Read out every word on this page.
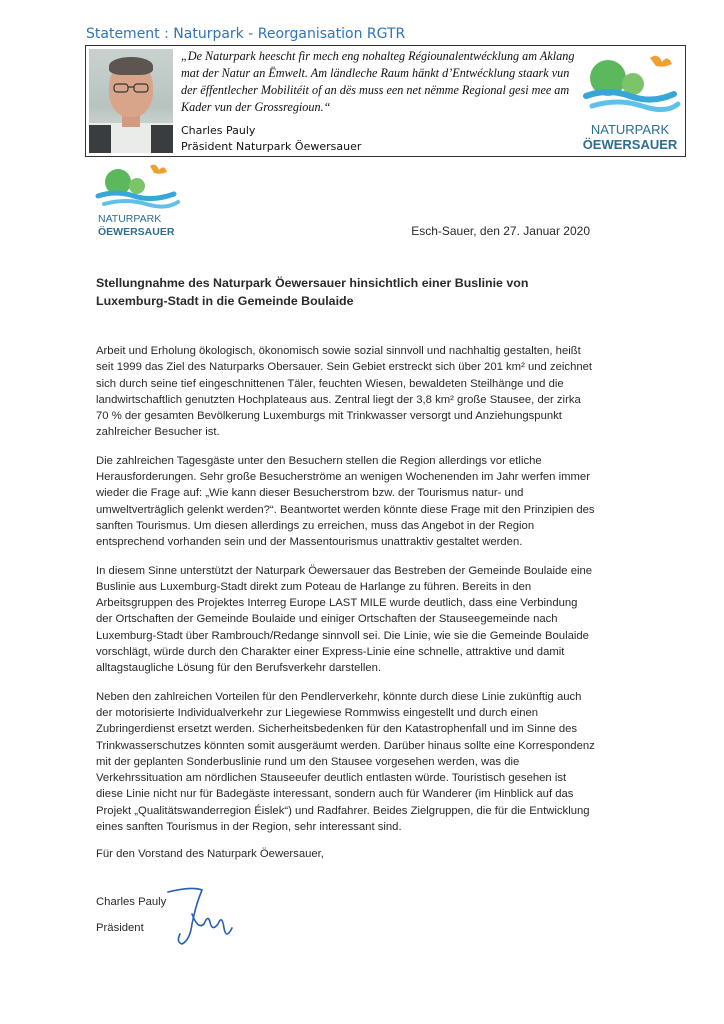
Statement : Naturpark - Reorganisation RGTR

„De Naturpark heescht fìr mech eng nohalteg Régiounalentwécklung am Aklang mat der Natur an Ëmwelt. Am ländleche Raum hänkt d’Entwécklung staark vun der ëffentlecher Mobilitéit of an dës muss een net nëmme Regional gesi mee am Kader vun der Grossregioun.“

Charles Pauly
Präsident Naturpark Öewersauer
NATURPARK
ÖEWERSAUER
NATURPARK
ÖEWERSAUER	Esch-Sauer, den 27. Januar 2020
Stellungnahme des Naturpark Öewersauer hinsichtlich einer Buslinie von Luxemburg-Stadt in die Gemeinde Boulaide

Arbeit und Erholung ökologisch, ökonomisch sowie sozial sinnvoll und nachhaltig gestalten, heißt seit 1999 das Ziel des Naturparks Obersauer. Sein Gebiet erstreckt sich über 201 km² und zeichnet sich durch seine tief eingeschnittenen Täler, feuchten Wiesen, bewaldeten Steilhänge und die landwirtschaftlich genutzten Hochplateaus aus. Zentral liegt der 3,8 km² große Stausee, der zirka 70 % der gesamten Bevölkerung Luxemburgs mit Trinkwasser versorgt und Anziehungspunkt zahlreicher Besucher ist.

Die zahlreichen Tagesgäste unter den Besuchern stellen die Region allerdings vor etliche Herausforderungen. Sehr große Besucherströme an wenigen Wochenenden im Jahr werfen immer wieder die Frage auf: „Wie kann dieser Besucherstrom bzw. der Tourismus natur- und umweltverträglich gelenkt werden?“. Beantwortet werden könnte diese Frage mit den Prinzipien des sanften Tourismus. Um diesen allerdings zu erreichen, muss das Angebot in der Region entsprechend vorhanden sein und der Massentourismus unattraktiv gestaltet werden.

In diesem Sinne unterstützt der Naturpark Öewersauer das Bestreben der Gemeinde Boulaide eine Buslinie aus Luxemburg-Stadt direkt zum Poteau de Harlange zu führen. Bereits in den Arbeitsgruppen des Projektes Interreg Europe LAST MILE wurde deutlich, dass eine Verbindung der Ortschaften der Gemeinde Boulaide und einiger Ortschaften der Stauseegemeinde nach Luxemburg-Stadt über Rambrouch/Redange sinnvoll sei. Die Linie, wie sie die Gemeinde Boulaide vorschlägt, würde durch den Charakter einer Express-Linie eine schnelle, attraktive und damit alltagstaugliche Lösung für den Berufsverkehr darstellen.

Neben den zahlreichen Vorteilen für den Pendlerverkehr, könnte durch diese Linie zukünftig auch der motorisierte Individualverkehr zur Liegewiese Rommwiss eingestellt und durch einen Zubringerdienst ersetzt werden. Sicherheitsbedenken für den Katastrophenfall und im Sinne des Trinkwasserschutzes könnten somit ausgeräumt werden. Darüber hinaus sollte eine Korrespondenz mit der geplanten Sonderbuslinie rund um den Stausee vorgesehen werden, was die Verkehrssituation am nördlichen Stauseeufer deutlich entlasten würde. Touristisch gesehen ist diese Linie nicht nur für Badegäste interessant, sondern auch für Wanderer (im Hinblick auf das Projekt „Qualitätswanderregion Éislek“) und Radfahrer. Beides Zielgruppen, die für die Entwicklung eines sanften Tourismus in der Region, sehr interessant sind.

Für den Vorstand des Naturpark Öewersauer,
Charles Pauly
Präsident
